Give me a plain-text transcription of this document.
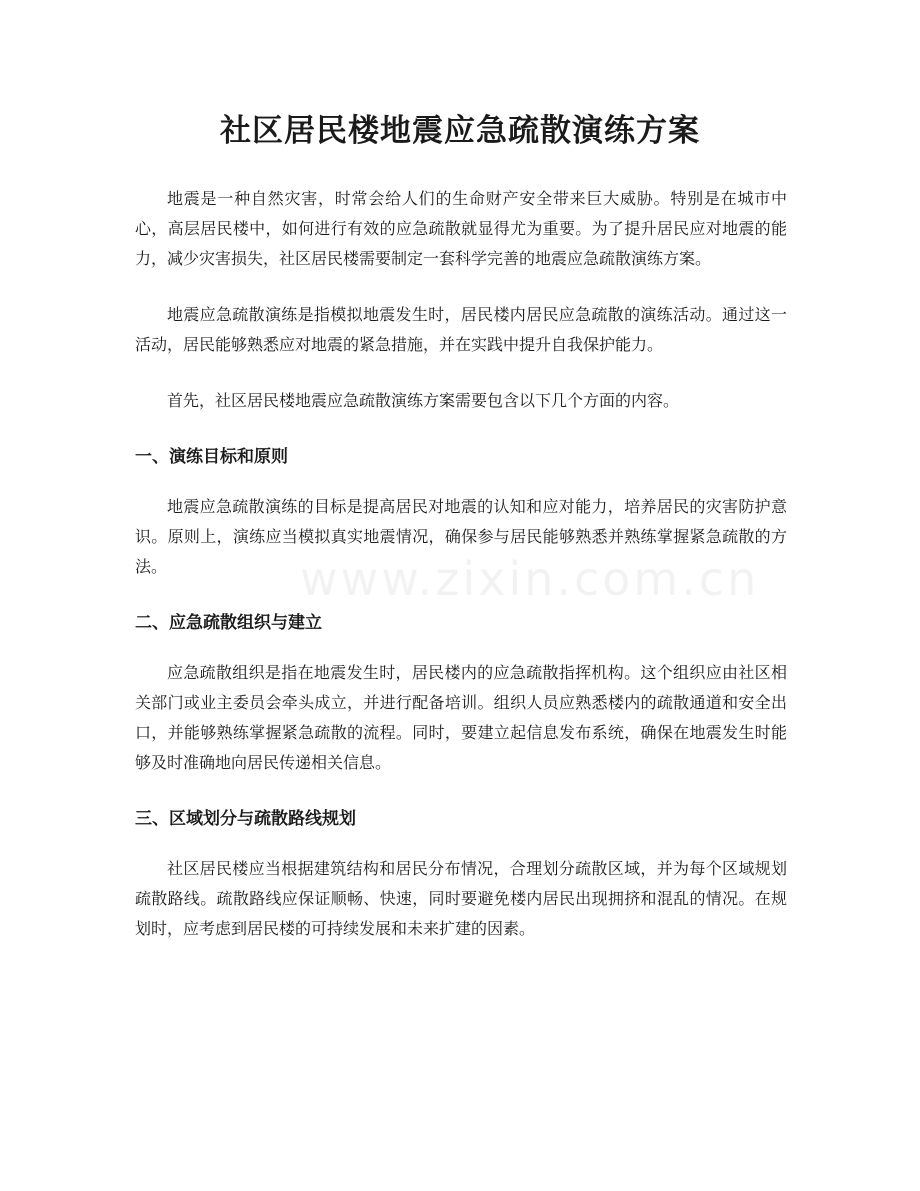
社区居民楼地震应急疏散演练方案
www.zixin.com.cn

地震是一种自然灾害，时常会给人们的生命财产安全带来巨大威胁。特别是在城市中心，高层居民楼中，如何进行有效的应急疏散就显得尤为重要。为了提升居民应对地震的能力，减少灾害损失，社区居民楼需要制定一套科学完善的地震应急疏散演练方案。

地震应急疏散演练是指模拟地震发生时，居民楼内居民应急疏散的演练活动。通过这一活动，居民能够熟悉应对地震的紧急措施，并在实践中提升自我保护能力。

首先，社区居民楼地震应急疏散演练方案需要包含以下几个方面的内容。

一、演练目标和原则

地震应急疏散演练的目标是提高居民对地震的认知和应对能力，培养居民的灾害防护意识。原则上，演练应当模拟真实地震情况，确保参与居民能够熟悉并熟练掌握紧急疏散的方法。

二、应急疏散组织与建立

应急疏散组织是指在地震发生时，居民楼内的应急疏散指挥机构。这个组织应由社区相关部门或业主委员会牵头成立，并进行配备培训。组织人员应熟悉楼内的疏散通道和安全出口，并能够熟练掌握紧急疏散的流程。同时，要建立起信息发布系统，确保在地震发生时能够及时准确地向居民传递相关信息。

三、区域划分与疏散路线规划

社区居民楼应当根据建筑结构和居民分布情况，合理划分疏散区域，并为每个区域规划疏散路线。疏散路线应保证顺畅、快速，同时要避免楼内居民出现拥挤和混乱的情况。在规划时，应考虑到居民楼的可持续发展和未来扩建的因素。
